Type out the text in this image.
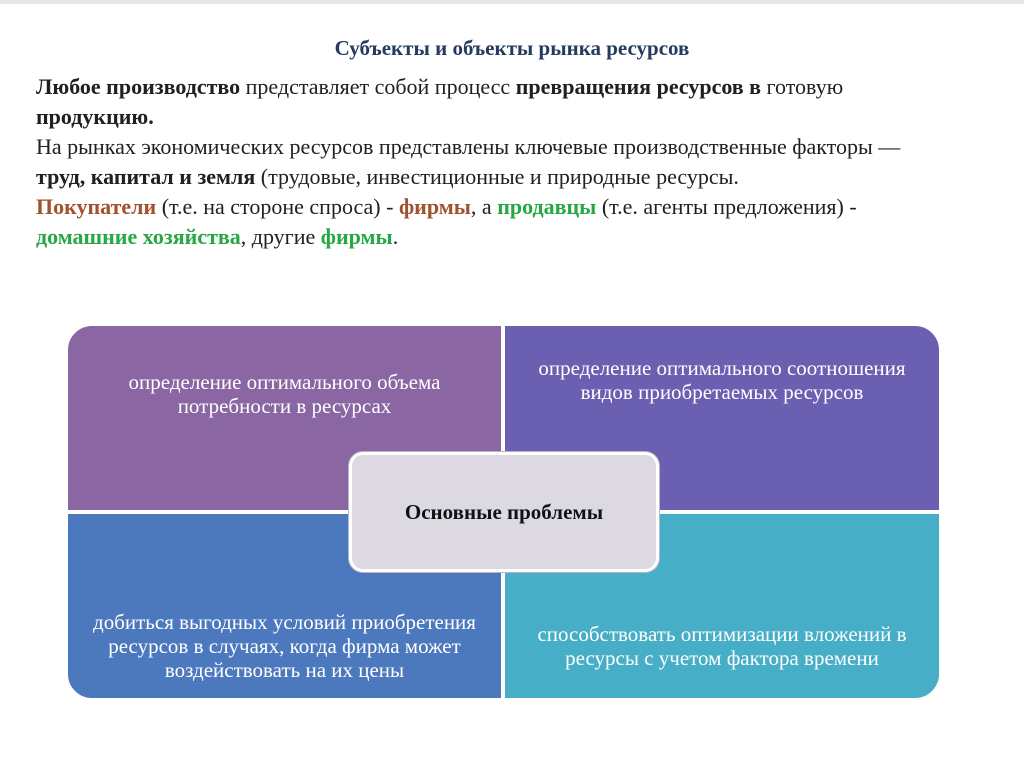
Субъекты и объекты рынка ресурсов

Любое производство представляет собой процесс превращения ресурсов в готовую продукцию.

На рынках экономических ресурсов представлены ключевые производственные факторы — труд, капитал и земля (трудовые, инвестиционные и природные ресурсы.

Покупатели (т.е. на стороне спроса) - фирмы, а продавцы (т.е. агенты предложения) - домашние хозяйства, другие фирмы.

определение оптимального объема потребности в ресурсах
определение оптимального соотношения видов приобретаемых ресурсов
добиться выгодных условий приобретения ресурсов в случаях, когда фирма может воздействовать на их цены
способствовать оптимизации вложений в ресурсы с учетом фактора времени
Основные проблемы
